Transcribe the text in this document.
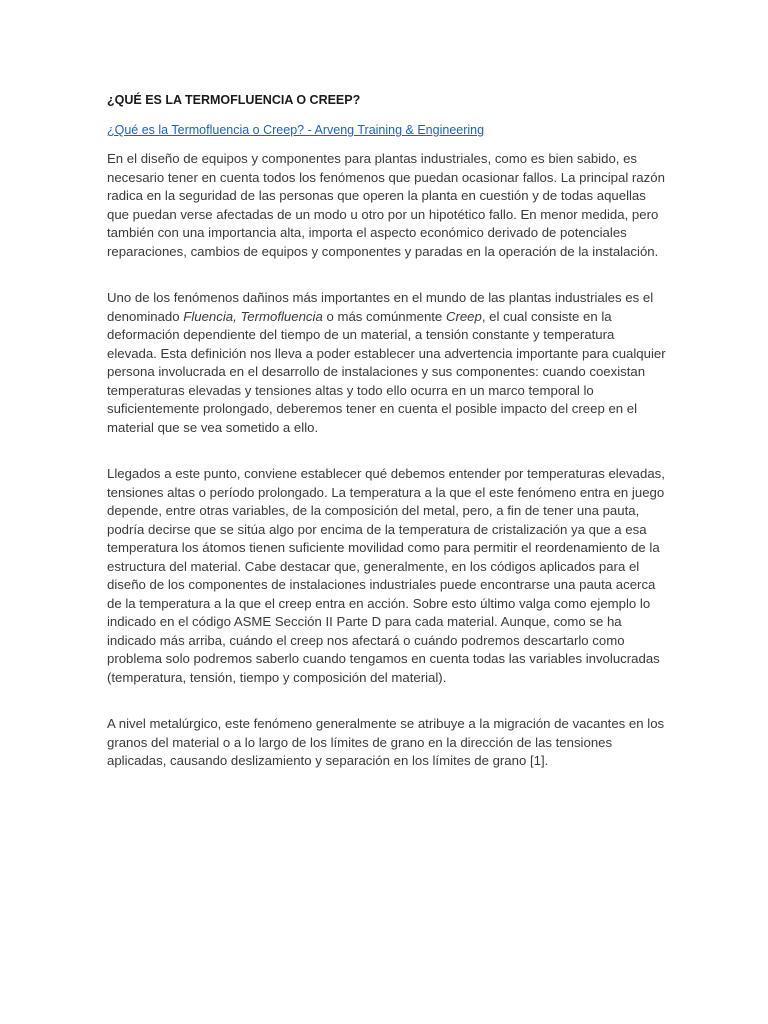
¿QUÉ ES LA TERMOFLUENCIA O CREEP?
¿Qué es la Termofluencia o Creep? - Arveng Training & Engineering

En el diseño de equipos y componentes para plantas industriales, como es bien sabido, es necesario tener en cuenta todos los fenómenos que puedan ocasionar fallos. La principal razón radica en la seguridad de las personas que operen la planta en cuestión y de todas aquellas que puedan verse afectadas de un modo u otro por un hipotético fallo. En menor medida, pero también con una importancia alta, importa el aspecto económico derivado de potenciales reparaciones, cambios de equipos y componentes y paradas en la operación de la instalación.

Uno de los fenómenos dañinos más importantes en el mundo de las plantas industriales es el denominado Fluencia, Termofluencia o más comúnmente Creep, el cual consiste en la deformación dependiente del tiempo de un material, a tensión constante y temperatura elevada. Esta definición nos lleva a poder establecer una advertencia importante para cualquier persona involucrada en el desarrollo de instalaciones y sus componentes: cuando coexistan temperaturas elevadas y tensiones altas y todo ello ocurra en un marco temporal lo suficientemente prolongado, deberemos tener en cuenta el posible impacto del creep en el material que se vea sometido a ello.

Llegados a este punto, conviene establecer qué debemos entender por temperaturas elevadas, tensiones altas o período prolongado. La temperatura a la que el este fenómeno entra en juego depende, entre otras variables, de la composición del metal, pero, a fin de tener una pauta, podría decirse que se sitúa algo por encima de la temperatura de cristalización ya que a esa temperatura los átomos tienen suficiente movilidad como para permitir el reordenamiento de la estructura del material. Cabe destacar que, generalmente, en los códigos aplicados para el diseño de los componentes de instalaciones industriales puede encontrarse una pauta acerca de la temperatura a la que el creep entra en acción. Sobre esto último valga como ejemplo lo indicado en el código ASME Sección II Parte D para cada material. Aunque, como se ha indicado más arriba, cuándo el creep nos afectará o cuándo podremos descartarlo como problema solo podremos saberlo cuando tengamos en cuenta todas las variables involucradas (temperatura, tensión, tiempo y composición del material).

A nivel metalúrgico, este fenómeno generalmente se atribuye a la migración de vacantes en los granos del material o a lo largo de los límites de grano en la dirección de las tensiones aplicadas, causando deslizamiento y separación en los límites de grano [1].
